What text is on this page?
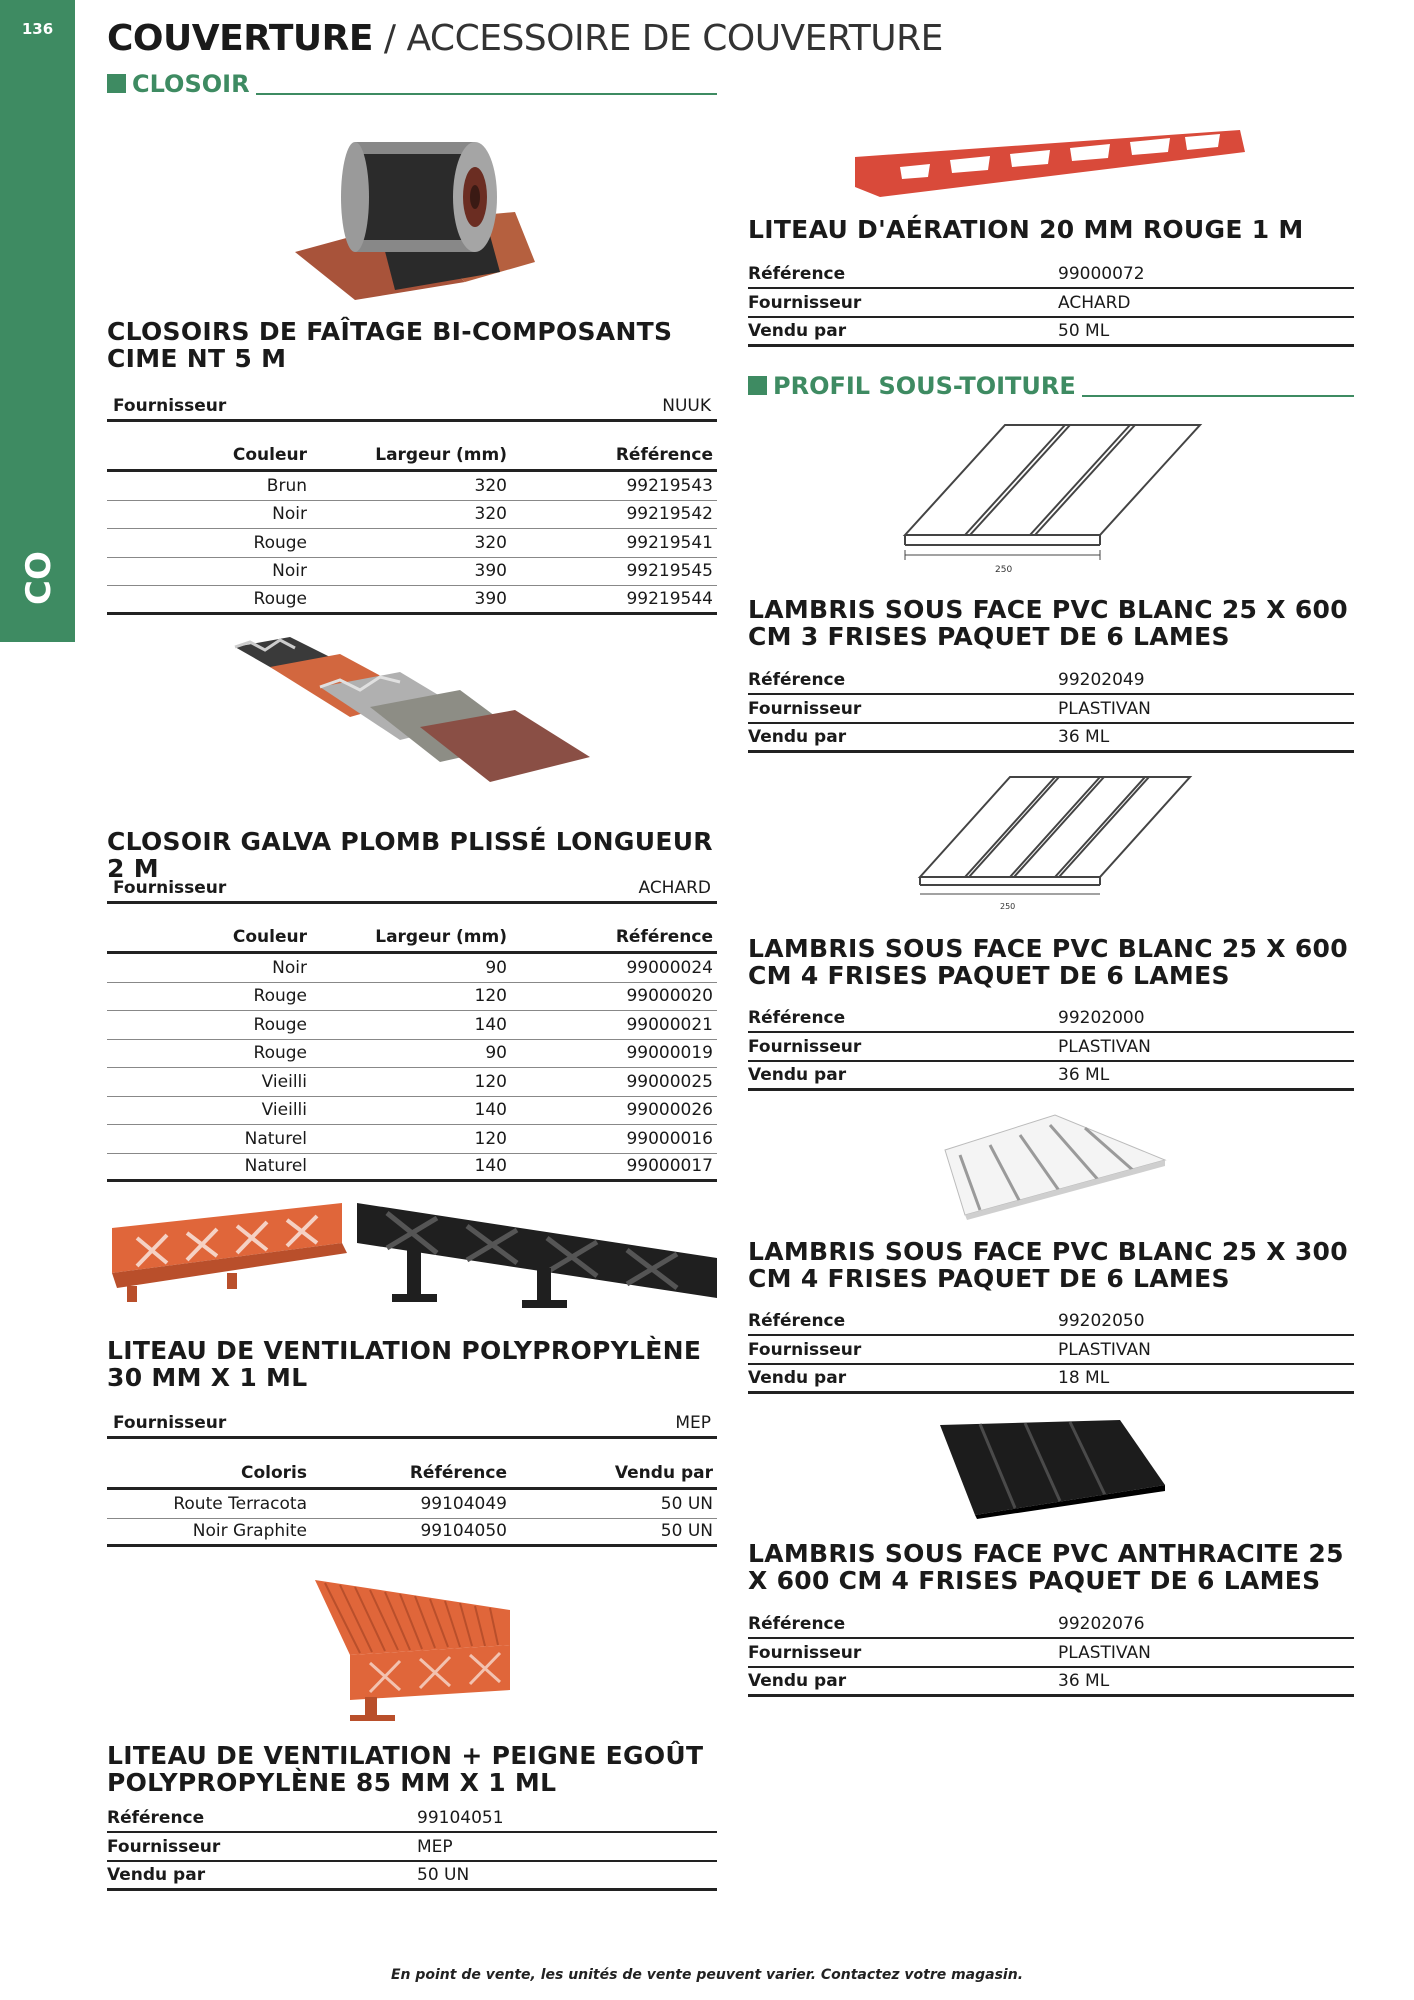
136
CO
COUVERTURE / ACCESSOIRE DE COUVERTURE
CLOSOIR
CLOSOIRS DE FAÎTAGE BI-COMPOSANTS CIME NT 5 M
Fournisseur	NUUK
Couleur	Largeur (mm)	Référence
Brun	320	99219543
Noir	320	99219542
Rouge	320	99219541
Noir	390	99219545
Rouge	390	99219544
CLOSOIR GALVA PLOMB PLISSÉ LONGUEUR 2 M
Fournisseur	ACHARD
Couleur	Largeur (mm)	Référence
Noir	90	99000024
Rouge	120	99000020
Rouge	140	99000021
Rouge	90	99000019
Vieilli	120	99000025
Vieilli	140	99000026
Naturel	120	99000016
Naturel	140	99000017
LITEAU DE VENTILATION POLYPROPYLÈNE 30 MM X 1 ML
Fournisseur	MEP
Coloris	Référence	Vendu par
Route Terracota	99104049	50 UN
Noir Graphite	99104050	50 UN
LITEAU DE VENTILATION + PEIGNE EGOÛT POLYPROPYLÈNE 85 MM X 1 ML
Référence	99104051
Fournisseur	MEP
Vendu par	50 UN
LITEAU D'AÉRATION 20 MM ROUGE 1 M
Référence	99000072
Fournisseur	ACHARD
Vendu par	50 ML
PROFIL SOUS-TOITURE
250
LAMBRIS SOUS FACE PVC BLANC 25 X 600 CM 3 FRISES PAQUET DE 6 LAMES
Référence	99202049
Fournisseur	PLASTIVAN
Vendu par	36 ML
250
LAMBRIS SOUS FACE PVC BLANC 25 X 600 CM 4 FRISES PAQUET DE 6 LAMES
Référence	99202000
Fournisseur	PLASTIVAN
Vendu par	36 ML
LAMBRIS SOUS FACE PVC BLANC 25 X 300 CM 4 FRISES PAQUET DE 6 LAMES
Référence	99202050
Fournisseur	PLASTIVAN
Vendu par	18 ML
LAMBRIS SOUS FACE PVC ANTHRACITE 25 X 600 CM 4 FRISES PAQUET DE 6 LAMES
Référence	99202076
Fournisseur	PLASTIVAN
Vendu par	36 ML
En point de vente, les unités de vente peuvent varier. Contactez votre magasin.
